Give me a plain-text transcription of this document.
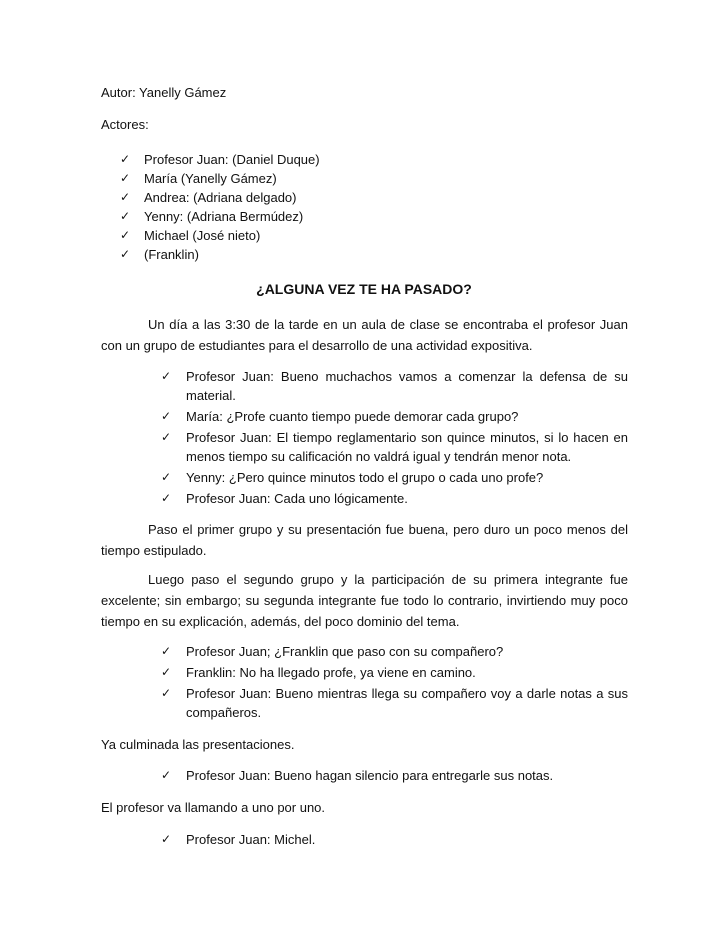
Autor: Yanelly Gámez
Actores:
✓ Profesor Juan: (Daniel Duque)
✓ María (Yanelly Gámez)
✓ Andrea: (Adriana delgado)
✓ Yenny: (Adriana Bermúdez)
✓ Michael (José nieto)
✓ (Franklin)
¿ALGUNA VEZ TE HA PASADO?
Un día a las 3:30 de la tarde en un aula de clase se encontraba el profesor Juan con un grupo de estudiantes para el desarrollo de una actividad expositiva.
✓ Profesor Juan: Bueno muchachos vamos a comenzar la defensa de su material.
✓ María: ¿Profe cuanto tiempo puede demorar cada grupo?
✓ Profesor Juan: El tiempo reglamentario son quince minutos, si lo hacen en menos tiempo su calificación no valdrá igual y tendrán menor nota.
✓ Yenny: ¿Pero quince minutos todo el grupo o cada uno profe?
✓ Profesor Juan: Cada uno lógicamente.
Paso el primer grupo y su presentación fue buena, pero duro un poco menos del tiempo estipulado.
Luego paso el segundo grupo y la participación de su primera integrante fue excelente; sin embargo; su segunda integrante fue todo lo contrario, invirtiendo muy poco tiempo en su explicación, además, del poco dominio del tema.
✓ Profesor Juan; ¿Franklin que paso con su compañero?
✓ Franklin: No ha llegado profe, ya viene en camino.
✓ Profesor Juan: Bueno mientras llega su compañero voy a darle notas a sus compañeros.
Ya culminada las presentaciones.
✓ Profesor Juan: Bueno hagan silencio para entregarle sus notas.
El profesor va llamando a uno por uno.
✓ Profesor Juan: Michel.
